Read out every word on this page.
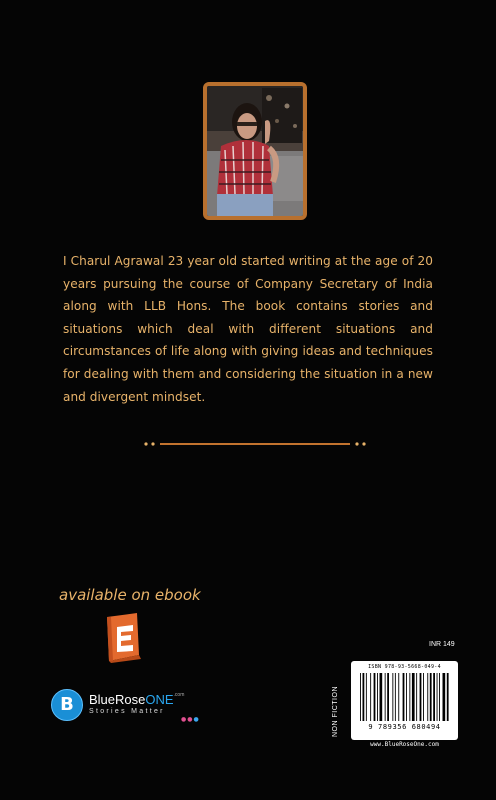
I Charul Agrawal 23 year old started writing at the age of 20 years pursuing the course of Company Secretary of India along with LLB Hons. The book contains stories and situations which deal with different situations and circumstances of life along with giving ideas and techniques for dealing with them and considering the situation in a new and divergent mindset.
available on ebook
B	BlueRoseONE$^{.com}$
Stories Matter
●●●
INR 149
NON FICTION
ISBN 978-93-5668-049-4
9 789356 680494
www.BlueRoseOne.com
